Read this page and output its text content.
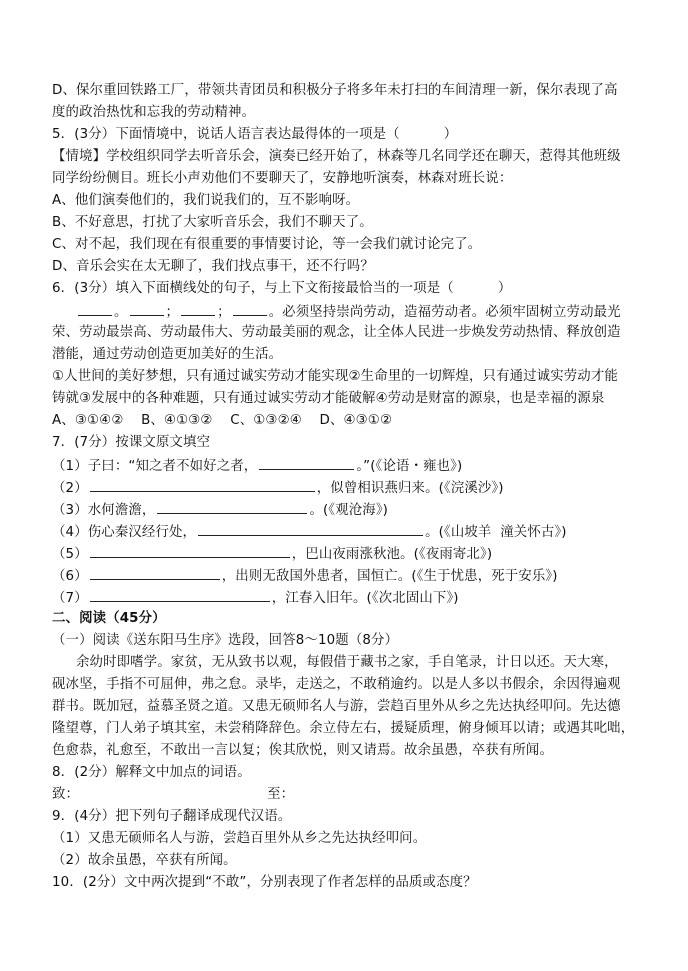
D、保尔重回铁路工厂，带领共青团员和积极分子将多年未打扫的车间清理一新，保尔表现了高
度的政治热忱和忘我的劳动精神。
5．(3分）下面情境中，说话人语言表达最得体的一项是（	）
【情境】学校组织同学去听音乐会，演奏已经开始了，林森等几名同学还在聊天，惹得其他班级
同学纷纷侧目。班长小声劝他们不要聊天了，安静地听演奏，林森对班长说：
A、他们演奏他们的，我们说我们的，互不影响呀。
B、不好意思，打扰了大家听音乐会，我们不聊天了。
C、对不起，我们现在有很重要的事情要讨论，等一会我们就讨论完了。
D、音乐会实在太无聊了，我们找点事干，还不行吗？
6．(3分）填入下面横线处的句子，与上下文衔接最恰当的一项是（	）
。	；	；	。必须坚持崇尚劳动，造福劳动者。必须牢固树立劳动最光
荣、劳动最崇高、劳动最伟大、劳动最美丽的观念，让全体人民进一步焕发劳动热情、释放创造
潜能，通过劳动创造更加美好的生活。
①人世间的美好梦想，只有通过诚实劳动才能实现②生命里的一切辉煌，只有通过诚实劳动才能
铸就③发展中的各种难题，只有通过诚实劳动才能破解④劳动是财富的源泉，也是幸福的源泉
A、③①④②    B、④①③②    C、①③②④    D、④③①②
7．(7分）按课文原文填空
（1）子曰：“知之者不如好之者，	。”(《论语・雍也》)
（2）	，似曾相识燕归来。(《浣溪沙》)
（3）水何澹澹，	。(《观沧海》)
（4）伤心秦汉经行处，	。(《山坡羊  潼关怀古》)
（5）	，巴山夜雨涨秋池。(《夜雨寄北》)
（6）	，出则无敌国外患者，国恒亡。(《生于忧患，死于安乐》)
（7）	，江春入旧年。(《次北固山下》)
二、阅读（45分）
（一）阅读《送东阳马生序》选段，回答8～10题（8分）
余幼时即嗜学。家贫，无从致书以观，每假借于藏书之家，手自笔录，计日以还。天大寒，
砚冰坚，手指不可屈伸，弗之怠。录毕，走送之，不敢稍逾约。以是人多以书假余，余因得遍观
群书。既加冠，益慕圣贤之道。又患无硕师名人与游，尝趋百里外从乡之先达执经叩问。先达德
隆望尊，门人弟子填其室，未尝稍降辞色。余立侍左右，援疑质理，俯身倾耳以请；或遇其叱咄，
色愈恭，礼愈至，不敢出一言以复；俟其欣悦，则又请焉。故余虽愚，卒获有所闻。
8．(2分）解释文中加点的词语。
致：	至：
9．(4分）把下列句子翻译成现代汉语。
（1）又患无硕师名人与游，尝趋百里外从乡之先达执经叩问。
（2）故余虽愚，卒获有所闻。
10．(2分）文中两次提到“不敢”，分别表现了作者怎样的品质或态度？
